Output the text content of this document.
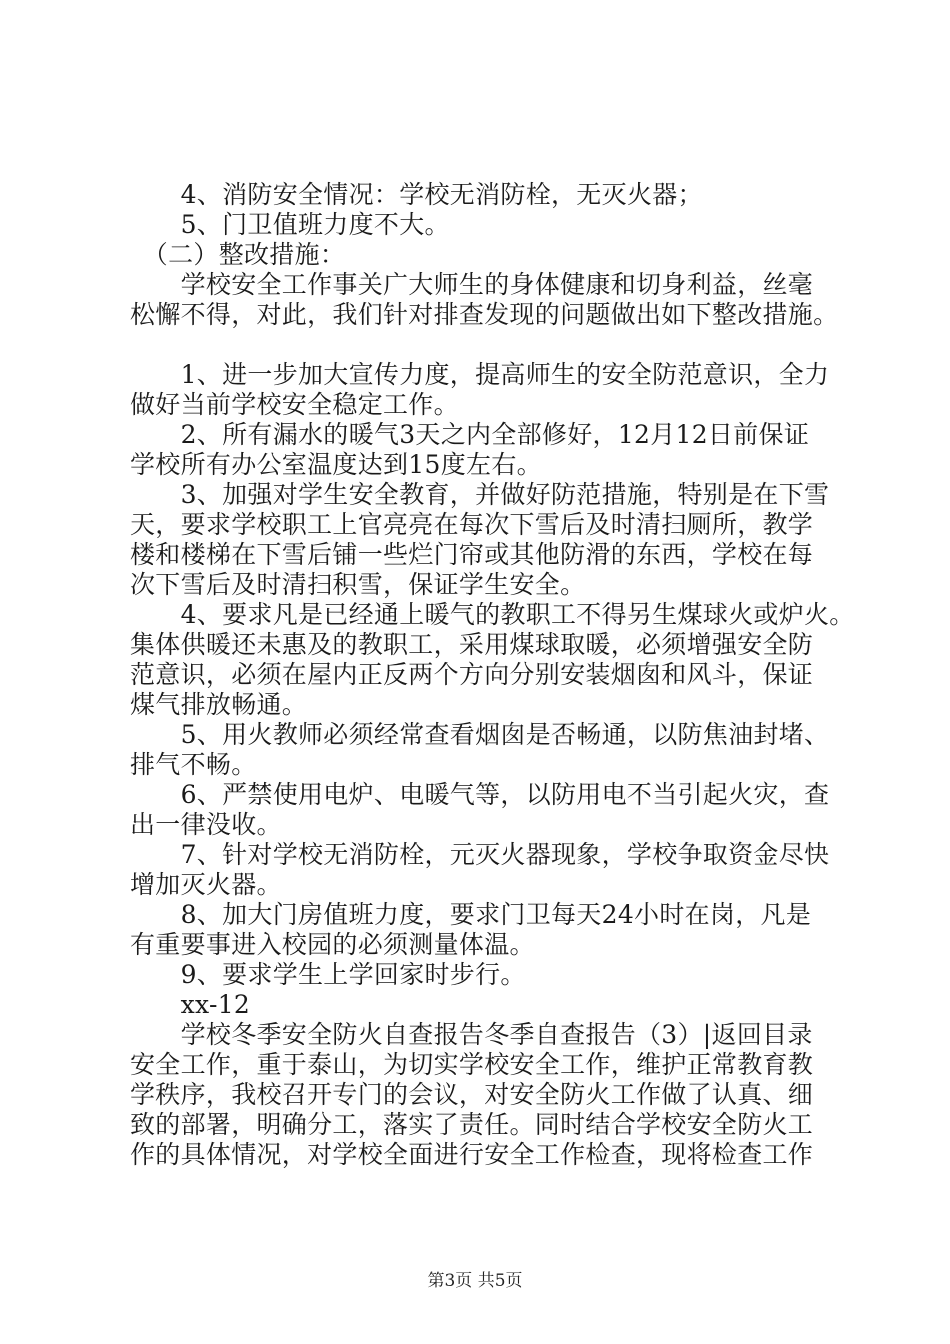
　　4、消防安全情况：学校无消防栓，无灭火器；
　　5、门卫值班力度不大。
　（二）整改措施：
　　学校安全工作事关广大师生的身体健康和切身利益，丝毫
松懈不得，对此，我们针对排查发现的问题做出如下整改措施。
　　1、进一步加大宣传力度，提高师生的安全防范意识，全力
做好当前学校安全稳定工作。
　　2、所有漏水的暖气3天之内全部修好，12月12日前保证
学校所有办公室温度达到15度左右。
　　3、加强对学生安全教育，并做好防范措施，特别是在下雪
天，要求学校职工上官亮亮在每次下雪后及时清扫厕所，教学
楼和楼梯在下雪后铺一些烂门帘或其他防滑的东西，学校在每
次下雪后及时清扫积雪，保证学生安全。
　　4、要求凡是已经通上暖气的教职工不得另生煤球火或炉火。
集体供暖还未惠及的教职工，采用煤球取暖，必须增强安全防
范意识，必须在屋内正反两个方向分别安装烟囱和风斗，保证
煤气排放畅通。
　　5、用火教师必须经常查看烟囱是否畅通，以防焦油封堵、
排气不畅。
　　6、严禁使用电炉、电暖气等，以防用电不当引起火灾，查
出一律没收。
　　7、针对学校无消防栓，元灭火器现象，学校争取资金尽快
增加灭火器。
　　8、加大门房值班力度，要求门卫每天24小时在岗，凡是
有重要事进入校园的必须测量体温。
　　9、要求学生上学回家时步行。
　　xx-12
　　学校冬季安全防火自查报告冬季自查报告（3）|返回目录
安全工作，重于泰山，为切实学校安全工作，维护正常教育教
学秩序，我校召开专门的会议，对安全防火工作做了认真、细
致的部署，明确分工，落实了责任。同时结合学校安全防火工
作的具体情况，对学校全面进行安全工作检查，现将检查工作
第3页 共5页
